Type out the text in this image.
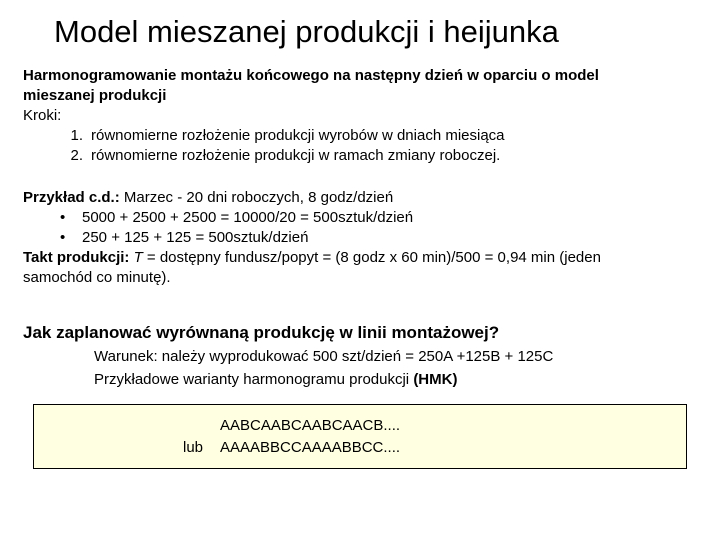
Model mieszanej produkcji i heijunka
Harmonogramowanie montażu końcowego na następny dzień w oparciu o model
mieszanej produkcji
Kroki:
1. równomierne rozłożenie produkcji wyrobów w dniach miesiąca
2. równomierne rozłożenie produkcji w ramach zmiany roboczej.
Przykład c.d.: Marzec - 20 dni roboczych, 8 godz/dzień
• 5000 + 2500 + 2500 = 10000/20 = 500sztuk/dzień
• 250 + 125 + 125 = 500sztuk/dzień
Takt produkcji: T = dostępny fundusz/popyt = (8 godz x 60 min)/500 = 0,94 min (jeden
samochód co minutę).
Jak zaplanować wyrównaną produkcję w linii montażowej?
Warunek: należy wyprodukować 500 szt/dzień = 250A +125B + 125C
Przykładowe warianty harmonogramu produkcji (HMK)
AABCAABCAABCAACB....
lub AAAABBCCAAAABBCC....
